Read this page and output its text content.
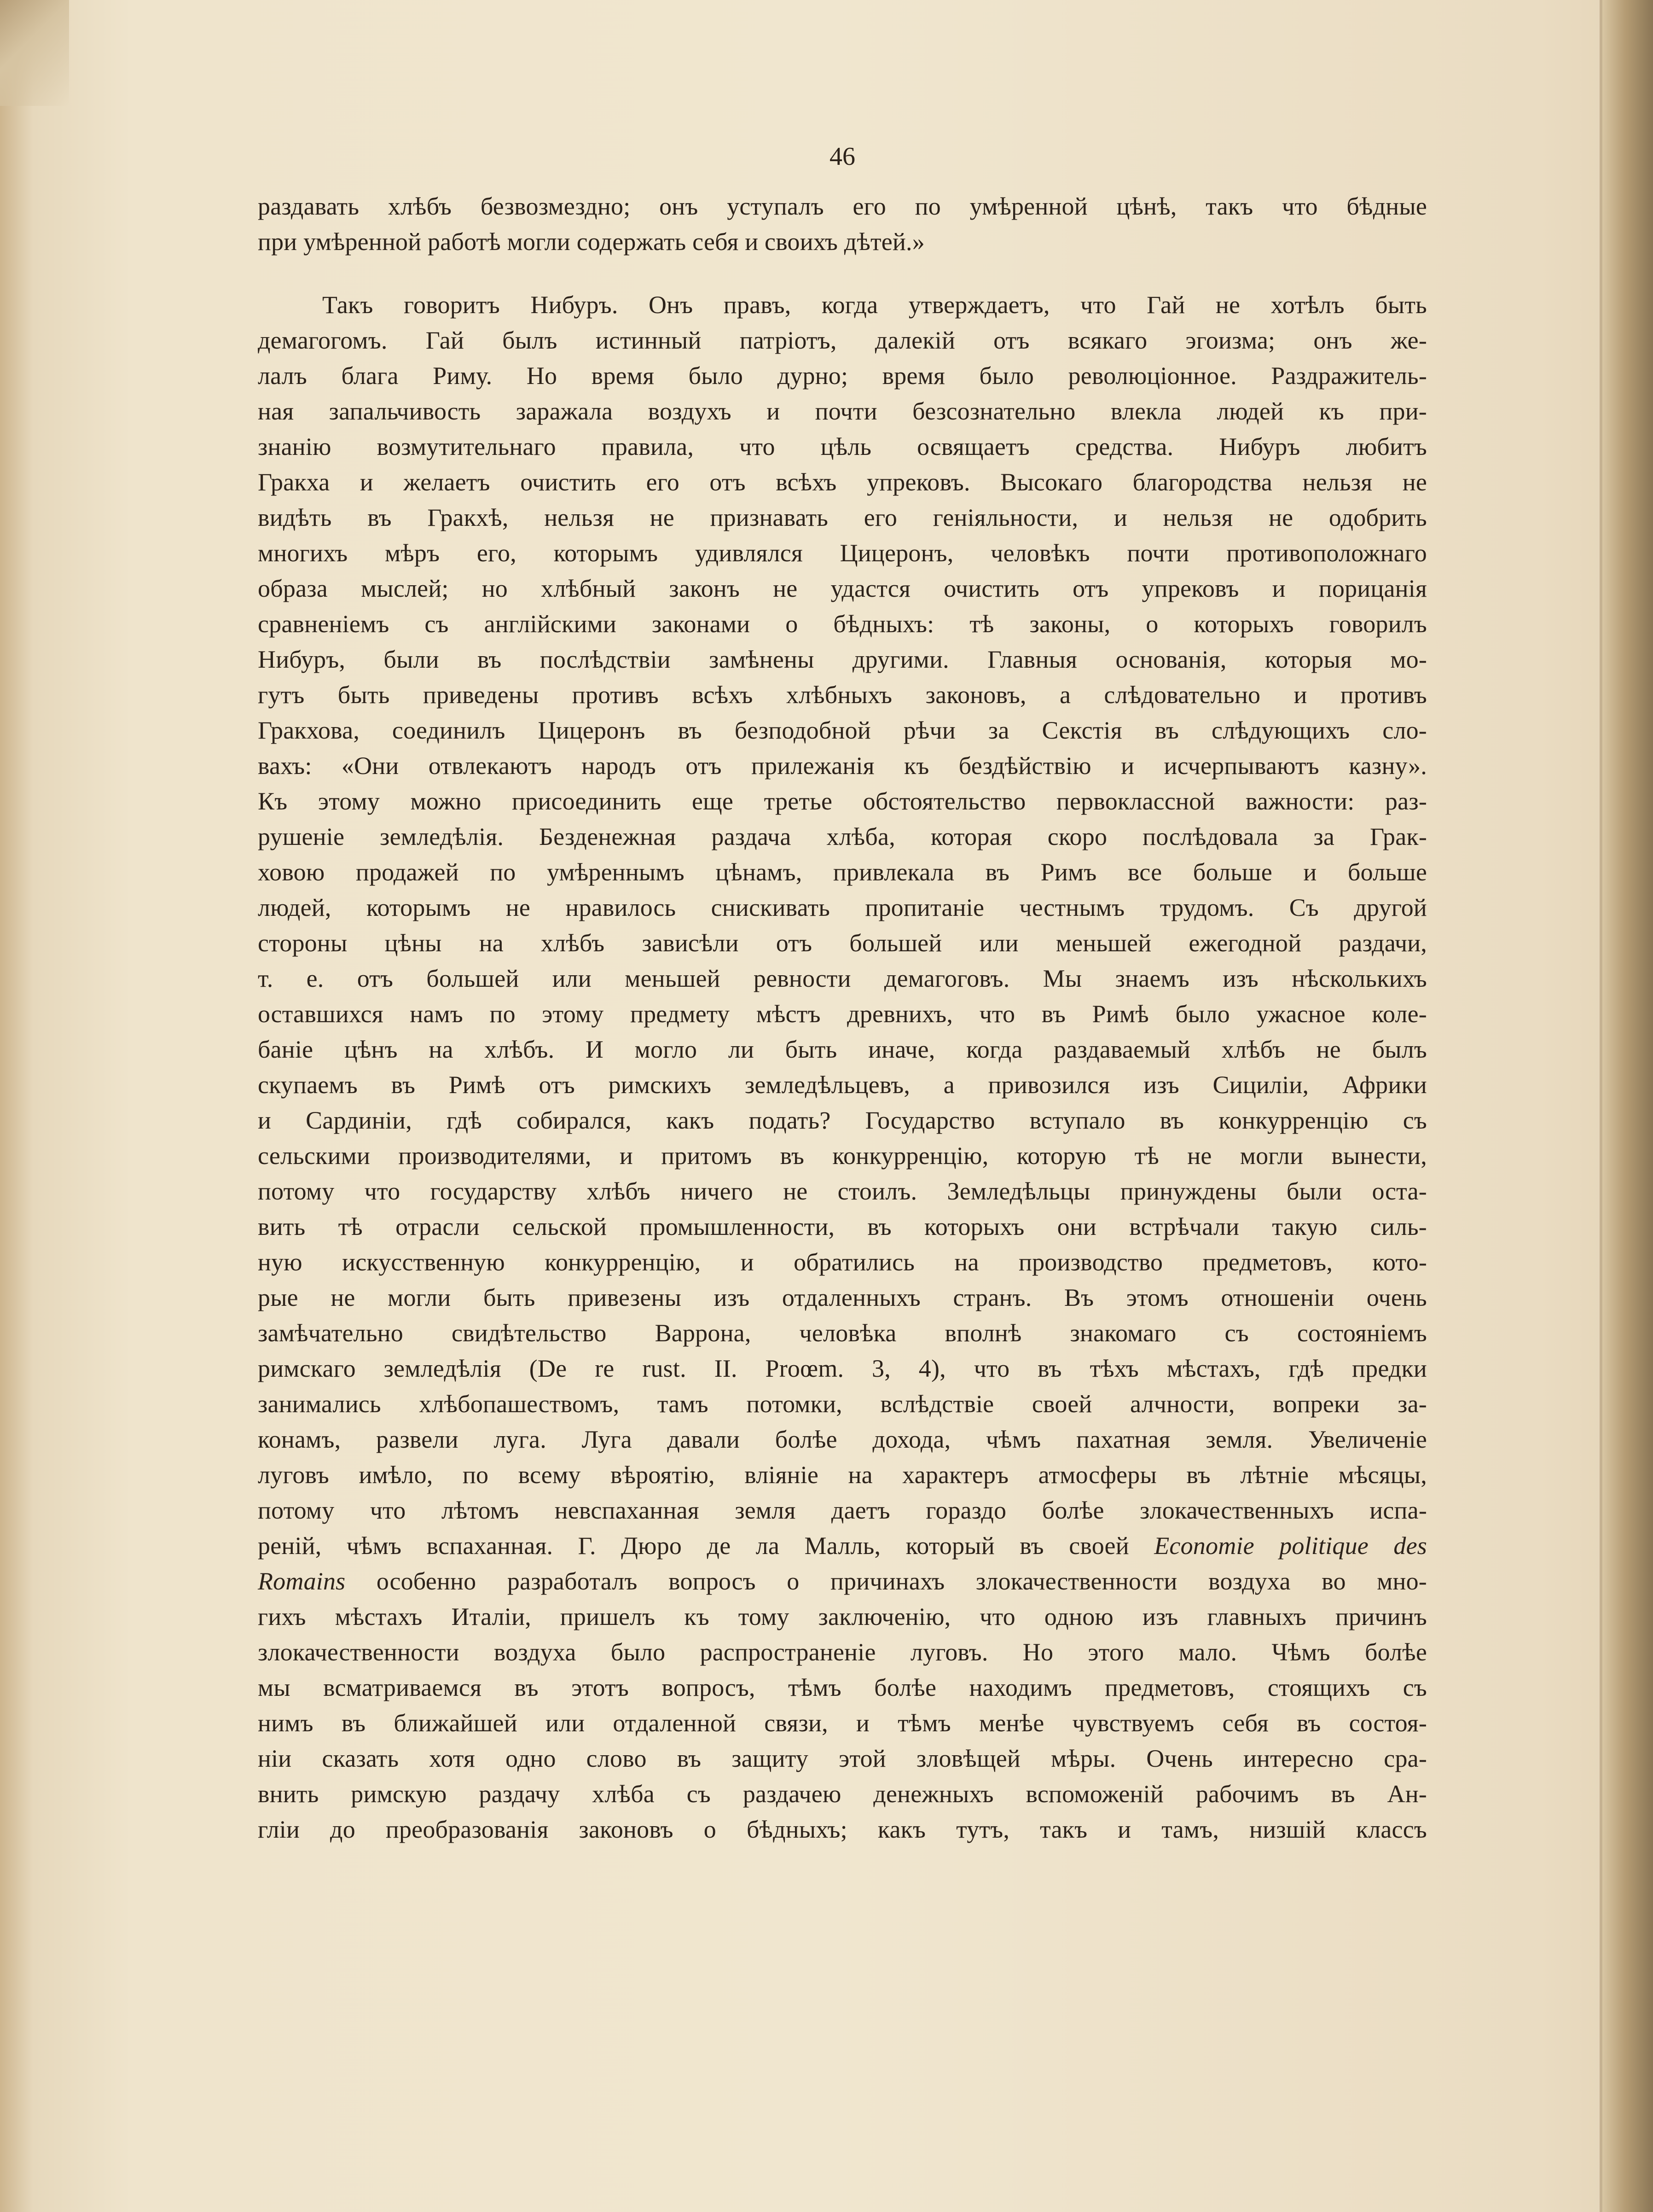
46
раздавать хлѣбъ безвозмездно; онъ уступалъ его по умѣренной цѣнѣ, такъ что бѣдные
при умѣренной работѣ могли содержать себя и своихъ дѣтей.»
Такъ говоритъ Нибуръ. Онъ правъ, когда утверждаетъ, что Гай не хотѣлъ быть
демагогомъ. Гай былъ истинный патріотъ, далекій отъ всякаго эгоизма; онъ же-
лалъ блага Риму. Но время было дурно; время было революціонное. Раздражитель-
ная запальчивость заражала воздухъ и почти безсознательно влекла людей къ при-
знанію возмутительнаго правила, что цѣль освящаетъ средства. Нибуръ любитъ
Гракха и желаетъ очистить его отъ всѣхъ упрековъ. Высокаго благородства нельзя не
видѣть въ Гракхѣ, нельзя не признавать его геніяльности, и нельзя не одобрить
многихъ мѣръ его, которымъ удивлялся Цицеронъ, человѣкъ почти противоположнаго
образа мыслей; но хлѣбный законъ не удастся очистить отъ упрековъ и порицанія
сравненіемъ съ англійскими законами о бѣдныхъ: тѣ законы, о которыхъ говорилъ
Нибуръ, были въ послѣдствіи замѣнены другими. Главныя основанія, которыя мо-
гутъ быть приведены противъ всѣхъ хлѣбныхъ законовъ, а слѣдовательно и противъ
Гракхова, соединилъ Цицеронъ въ безподобной рѣчи за Секстія въ слѣдующихъ сло-
вахъ: «Они отвлекаютъ народъ отъ прилежанія къ бездѣйствію и исчерпываютъ казну».
Къ этому можно присоединить еще третье обстоятельство первоклассной важности: раз-
рушеніе земледѣлія. Безденежная раздача хлѣба, которая скоро послѣдовала за Грак-
ховою продажей по умѣреннымъ цѣнамъ, привлекала въ Римъ все больше и больше
людей, которымъ не нравилось снискивать пропитаніе честнымъ трудомъ. Съ другой
стороны цѣны на хлѣбъ зависѣли отъ большей или меньшей ежегодной раздачи,
т. е. отъ большей или меньшей ревности демагоговъ. Мы знаемъ изъ нѣсколькихъ
оставшихся намъ по этому предмету мѣстъ древнихъ, что въ Римѣ было ужасное коле-
баніе цѣнъ на хлѣбъ. И могло ли быть иначе, когда раздаваемый хлѣбъ не былъ
скупаемъ въ Римѣ отъ римскихъ земледѣльцевъ, а привозился изъ Сициліи, Африки
и Сардиніи, гдѣ собирался, какъ подать? Государство вступало въ конкурренцію съ
сельскими производителями, и притомъ въ конкурренцію, которую тѣ не могли вынести,
потому что государству хлѣбъ ничего не стоилъ. Земледѣльцы принуждены были оста-
вить тѣ отрасли сельской промышленности, въ которыхъ они встрѣчали такую силь-
ную искусственную конкурренцію, и обратились на производство предметовъ, кото-
рые не могли быть привезены изъ отдаленныхъ странъ. Въ этомъ отношеніи очень
замѣчательно свидѣтельство Варрона, человѣка вполнѣ знакомаго съ состояніемъ
римскаго земледѣлія (De re rust. II. Proœm. 3, 4), что въ тѣхъ мѣстахъ, гдѣ предки
занимались хлѣбопашествомъ, тамъ потомки, вслѣдствіе своей алчности, вопреки за-
конамъ, развели луга. Луга давали болѣе дохода, чѣмъ пахатная земля. Увеличеніе
луговъ имѣло, по всему вѣроятію, вліяніе на характеръ атмосферы въ лѣтніе мѣсяцы,
потому что лѣтомъ невспаханная земля даетъ гораздо болѣе злокачественныхъ испа-
реній, чѣмъ вспаханная. Г. Дюро де ла Малль, который въ своей Economie politique des
Romains особенно разработалъ вопросъ о причинахъ злокачественности воздуха во мно-
гихъ мѣстахъ Италіи, пришелъ къ тому заключенію, что одною изъ главныхъ причинъ
злокачественности воздуха было распространеніе луговъ. Но этого мало. Чѣмъ болѣе
мы всматриваемся въ этотъ вопросъ, тѣмъ болѣе находимъ предметовъ, стоящихъ съ
нимъ въ ближайшей или отдаленной связи, и тѣмъ менѣе чувствуемъ себя въ состоя-
ніи сказать хотя одно слово въ защиту этой зловѣщей мѣры. Очень интересно сра-
внить римскую раздачу хлѣба съ раздачею денежныхъ вспоможеній рабочимъ въ Ан-
гліи до преобразованія законовъ о бѣдныхъ; какъ тутъ, такъ и тамъ, низшій классъ
